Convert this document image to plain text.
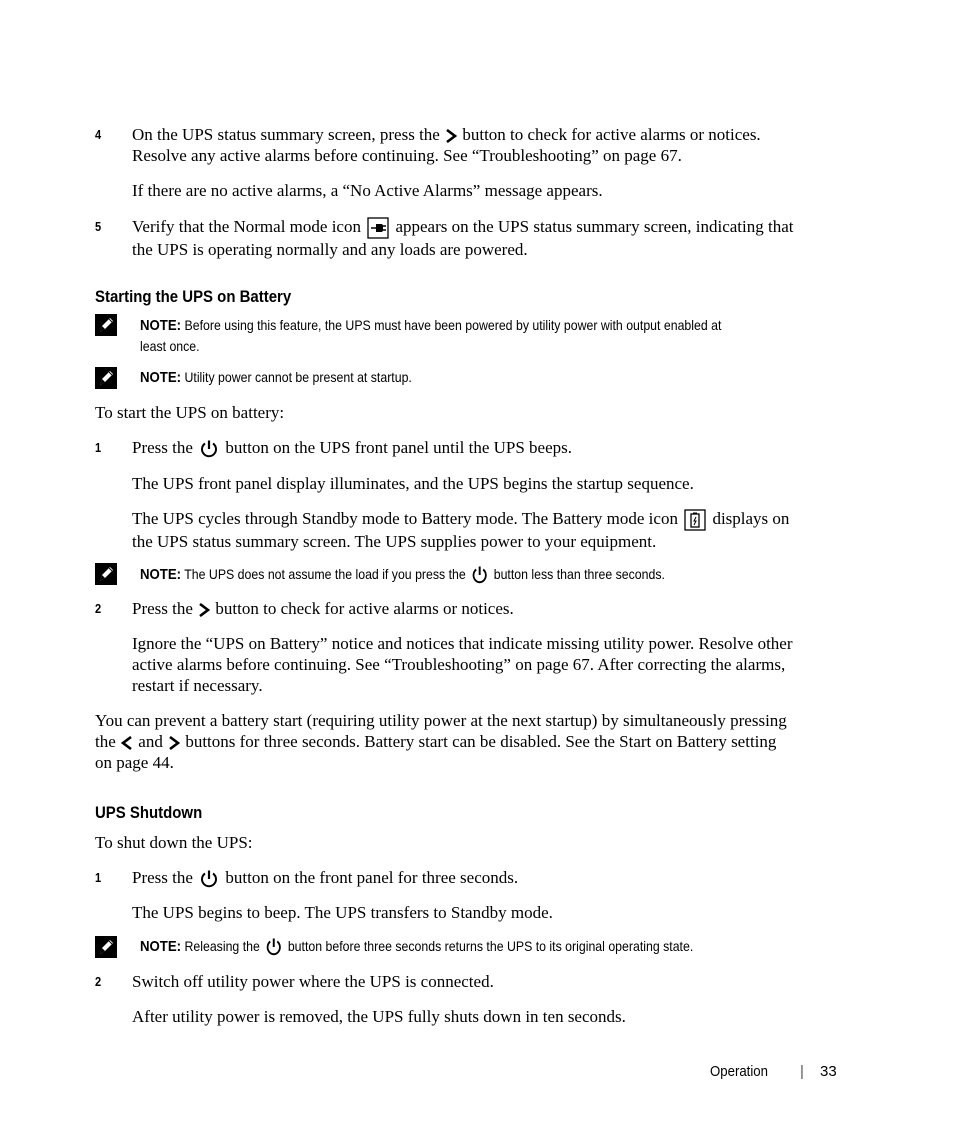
4	On the UPS status summary screen, press the button to check for active alarms or notices.
Resolve any active alarms before continuing. See “Troubleshooting” on page 67.
If there are no active alarms, a “No Active Alarms” message appears.
5	Verify that the Normal mode icon appears on the UPS status summary screen, indicating that
the UPS is operating normally and any loads are powered.
Starting the UPS on Battery
NOTE: Before using this feature, the UPS must have been powered by utility power with output enabled at
least once.
NOTE: Utility power cannot be present at startup.
To start the UPS on battery:
1	Press the button on the UPS front panel until the UPS beeps.
The UPS front panel display illuminates, and the UPS begins the startup sequence.
The UPS cycles through Standby mode to Battery mode. The Battery mode icon displays on
the UPS status summary screen. The UPS supplies power to your equipment.
NOTE: The UPS does not assume the load if you press the button less than three seconds.
2	Press the button to check for active alarms or notices.
Ignore the “UPS on Battery” notice and notices that indicate missing utility power. Resolve other
active alarms before continuing. See “Troubleshooting” on page 67. After correcting the alarms,
restart if necessary.
You can prevent a battery start (requiring utility power at the next startup) by simultaneously pressing
the and buttons for three seconds. Battery start can be disabled. See the Start on Battery setting
on page 44.
UPS Shutdown
To shut down the UPS:
1	Press the button on the front panel for three seconds.
The UPS begins to beep. The UPS transfers to Standby mode.
NOTE: Releasing the button before three seconds returns the UPS to its original operating state.
2	Switch off utility power where the UPS is connected.
After utility power is removed, the UPS fully shuts down in ten seconds.
Operation | 33
